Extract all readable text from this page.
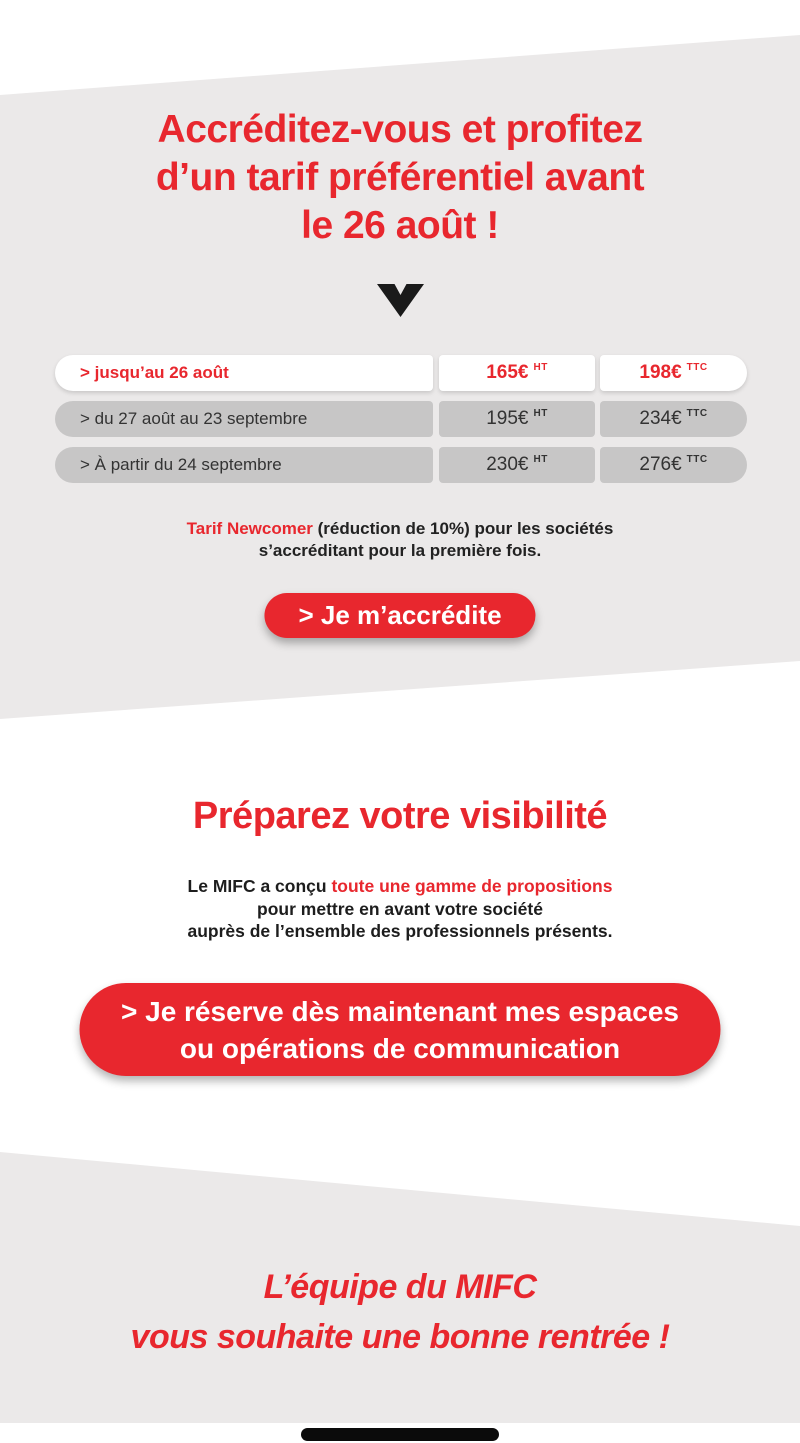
Accréditez-vous et profitez
d’un tarif préférentiel avant
le 26 août !
> jusqu’au 26 août	165€ HT	198€ TTC
> du 27 août au 23 septembre	195€ HT	234€ TTC
> À partir du 24 septembre	230€ HT	276€ TTC
Tarif Newcomer (réduction de 10%) pour les sociétés
s’accréditant pour la première fois.
> Je m’accrédite
Préparez votre visibilité
Le MIFC a conçu toute une gamme de propositions
pour mettre en avant votre société
auprès de l’ensemble des professionnels présents.
> Je réserve dès maintenant mes espaces
ou opérations de communication
L’équipe du MIFC
vous souhaite une bonne rentrée !
